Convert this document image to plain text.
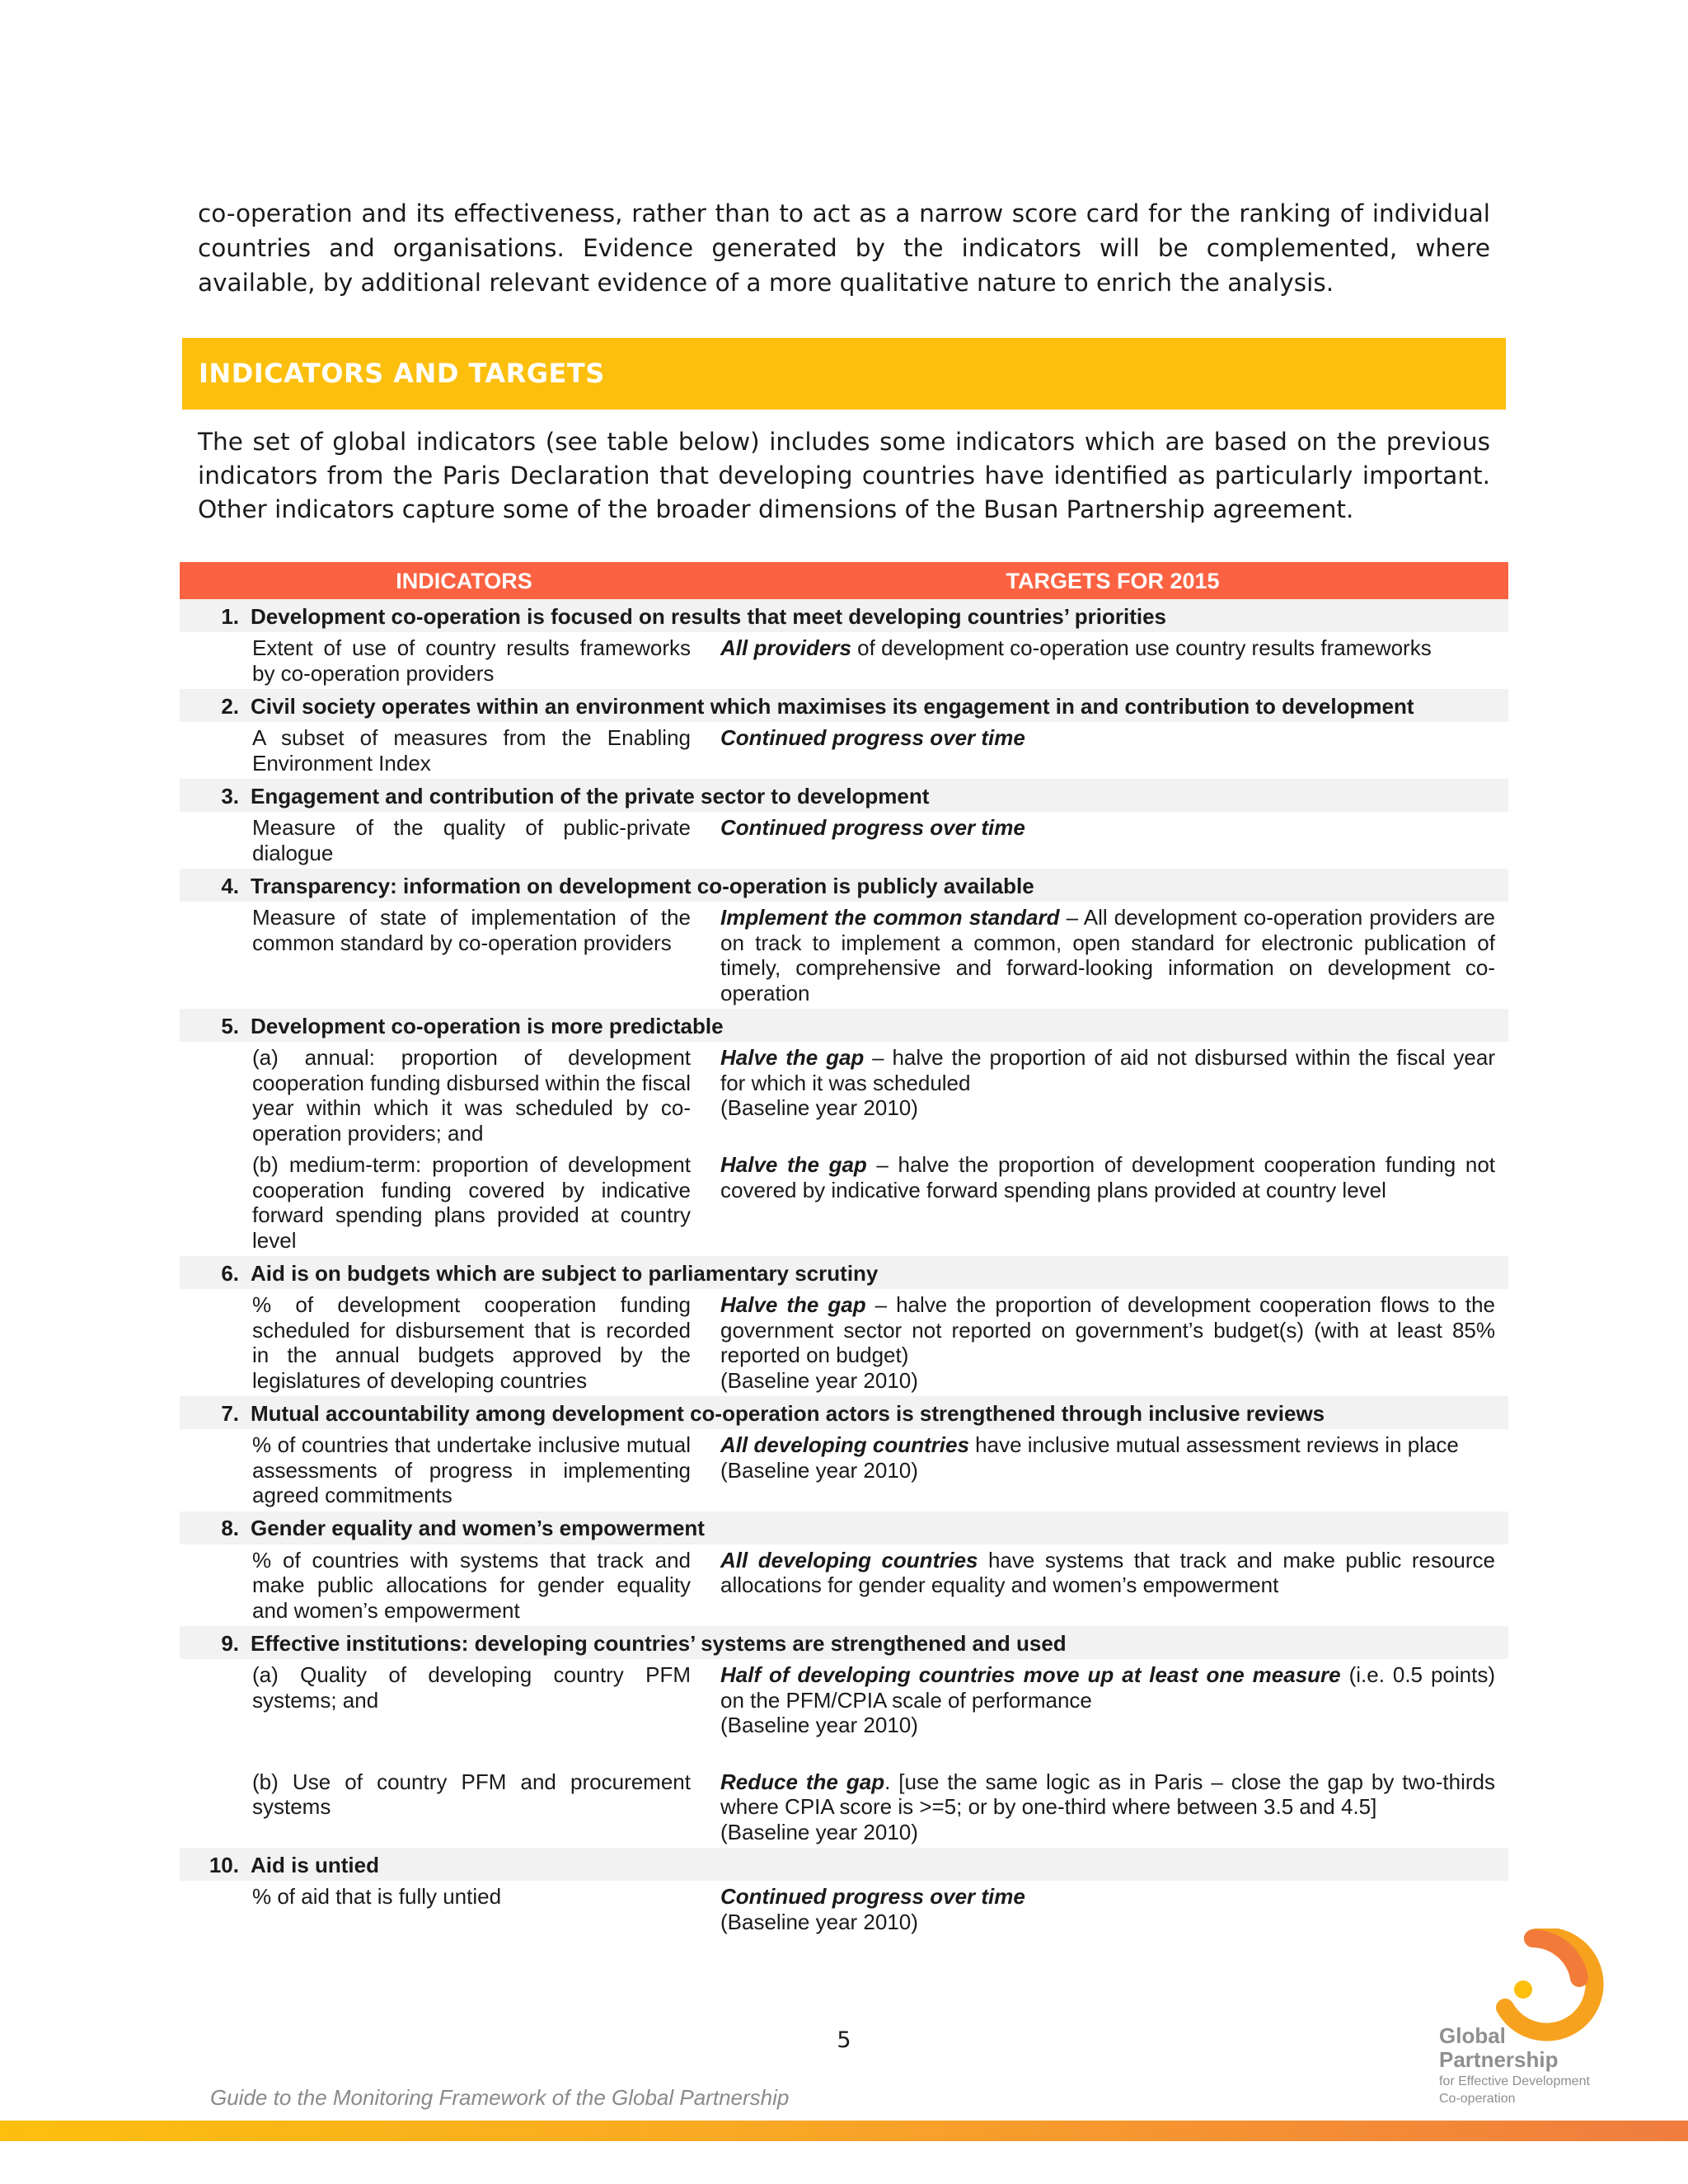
co-operation and its effectiveness, rather than to act as a narrow score card for the ranking of individual countries and organisations. Evidence generated by the indicators will be complemented, where available, by additional relevant evidence of a more qualitative nature to enrich the analysis.

INDICATORS AND TARGETS

The set of global indicators (see table below) includes some indicators which are based on the previous indicators from the Paris Declaration that developing countries have identified as particularly important. Other indicators capture some of the broader dimensions of the Busan Partnership agreement.

INDICATORS	TARGETS FOR 2015
1. Development co-operation is focused on results that meet developing countries’ priorities
Extent of use of country results frameworks by co-operation providers
All providers of development co-operation use country results frameworks
2. Civil society operates within an environment which maximises its engagement in and contribution to development
A subset of measures from the Enabling Environment Index
Continued progress over time
3. Engagement and contribution of the private sector to development
Measure of the quality of public-private dialogue
Continued progress over time
4. Transparency: information on development co-operation is publicly available
Measure of state of implementation of the common standard by co-operation providers
Implement the common standard – All development co-operation providers are on track to implement a common, open standard for electronic publication of timely, comprehensive and forward-looking information on development co-operation
5. Development co-operation is more predictable
(a) annual: proportion of development cooperation funding disbursed within the fiscal year within which it was scheduled by co-operation providers; and
Halve the gap – halve the proportion of aid not disbursed within the fiscal year for which it was scheduled
(Baseline year 2010)
(b) medium-term: proportion of development cooperation funding covered by indicative forward spending plans provided at country level
Halve the gap – halve the proportion of development cooperation funding not covered by indicative forward spending plans provided at country level
6. Aid is on budgets which are subject to parliamentary scrutiny
% of development cooperation funding scheduled for disbursement that is recorded in the annual budgets approved by the legislatures of developing countries
Halve the gap – halve the proportion of development cooperation flows to the government sector not reported on government’s budget(s) (with at least 85% reported on budget)
(Baseline year 2010)
7. Mutual accountability among development co-operation actors is strengthened through inclusive reviews
% of countries that undertake inclusive mutual assessments of progress in implementing agreed commitments
All developing countries have inclusive mutual assessment reviews in place
(Baseline year 2010)
8. Gender equality and women’s empowerment
% of countries with systems that track and make public allocations for gender equality and women’s empowerment
All developing countries have systems that track and make public resource allocations for gender equality and women’s empowerment
9. Effective institutions: developing countries’ systems are strengthened and used
(a) Quality of developing country PFM systems; and
Half of developing countries move up at least one measure (i.e. 0.5 points) on the PFM/CPIA scale of performance
(Baseline year 2010)
(b) Use of country PFM and procurement systems
Reduce the gap. [use the same logic as in Paris – close the gap by two-thirds where CPIA score is >=5; or by one-third where between 3.5 and 4.5]
(Baseline year 2010)
10. Aid is untied
% of aid that is fully untied	Continued progress over time
(Baseline year 2010)
5
Guide to the Monitoring Framework of the Global Partnership
Global
Partnership
for Effective Development
Co-operation
